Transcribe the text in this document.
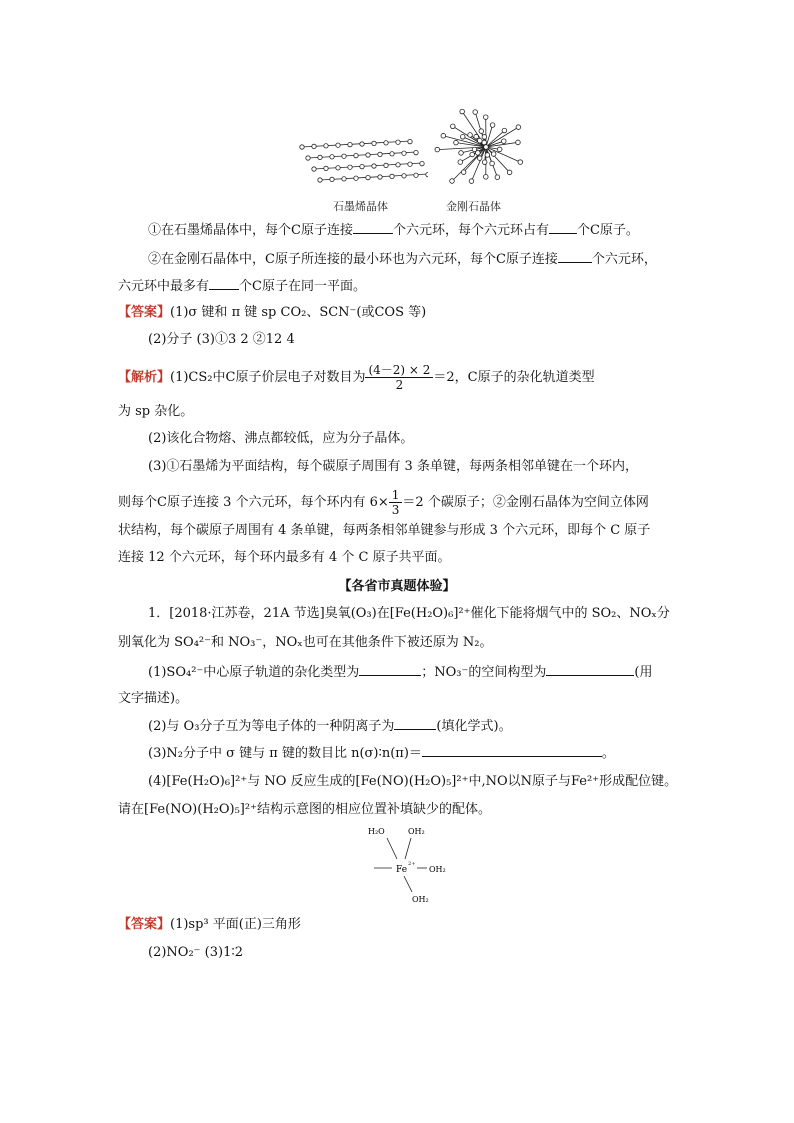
石墨烯晶体	金刚石晶体
①在石墨烯晶体中，每个C原子连接	个六元环，每个六元环占有 个C原子。
②在金刚石晶体中，C原子所连接的最小环也为六元环，每个C原子连接	个六元环，
六元环中最多有 个C原子在同一平面。
【答案】(1)σ 键和 π 键 sp CO₂、SCN⁻(或COS 等)
(2)分子 (3)①3 2 ②12 4
【解析】(1)CS₂中C原子价层电子对数目为 $\frac{(4-2) \times 2}{2} =2$，C原子的杂化轨道类型
为 sp 杂化。
(2)该化合物熔、沸点都较低，应为分子晶体。
(3)①石墨烯为平面结构，每个碳原子周围有 3 条单键，每两条相邻单键在一个环内，
则每个C原子连接 3 个六元环，每个环内有 $6\times \frac{1}{3} =2$ 个碳原子；②金刚石晶体为空间立体网
状结构，每个碳原子周围有 4 条单键，每两条相邻单键参与形成 3 个六元环，即每个 C 原子
连接 12 个六元环，每个环内最多有 4 个 C 原子共平面。
【各省市真题体验】
1．[2018·江苏卷，21A 节选]臭氧(O₃)在[Fe(H₂O)₆]²⁺催化下能将烟气中的 SO₂、NOₓ分
别氧化为 SO₄²⁻和 NO₃⁻，NOₓ也可在其他条件下被还原为 N₂。
(1)SO₄²⁻中心原子轨道的杂化类型为	；NO₃⁻的空间构型为	(用
文字描述)。
(2)与 O₃分子互为等电子体的一种阴离子为	(填化学式)。
(3)N₂分子中 σ 键与 π 键的数目比 n(σ)∶n(π)＝	。
(4)[Fe(H₂O)₆]²⁺与 NO 反应生成的[Fe(NO)(H₂O)₅]²⁺中,NO以N原子与Fe²⁺形成配位键。
请在[Fe(NO)(H₂O)₅]²⁺结构示意图的相应位置补填缺少的配体。
H₂O	OH₂
Fe
2+
OH₂
OH₂
【答案】(1)sp³ 平面(正)三角形
(2)NO₂⁻ (3)1∶2
